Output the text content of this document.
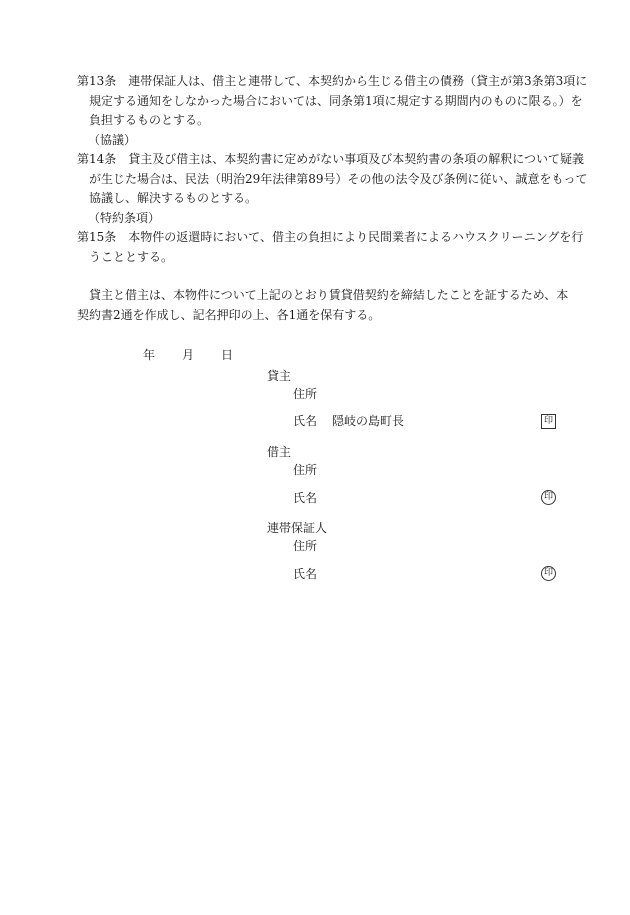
第13条　連帯保証人は、借主と連帯して、本契約から生じる借主の債務（貸主が第3条第3項に規定する通知をしなかった場合においては、同条第1項に規定する期間内のものに限る。）を負担するものとする。
（協議）
第14条　貸主及び借主は、本契約書に定めがない事項及び本契約書の条項の解釈について疑義が生じた場合は、民法（明治29年法律第89号）その他の法令及び条例に従い、誠意をもって協議し、解決するものとする。
（特約条項）
第15条　本物件の返還時において、借主の負担により民間業者によるハウスクリーニングを行うこととする。
　貸主と借主は、本物件について上記のとおり賃貸借契約を締結したことを証するため、本契約書2通を作成し、記名押印の上、各1通を保有する。
年 月 日
貸主
住所
氏名 隠岐の島町長	印
借主
住所
氏名	印
連帯保証人
住所
氏名	印
